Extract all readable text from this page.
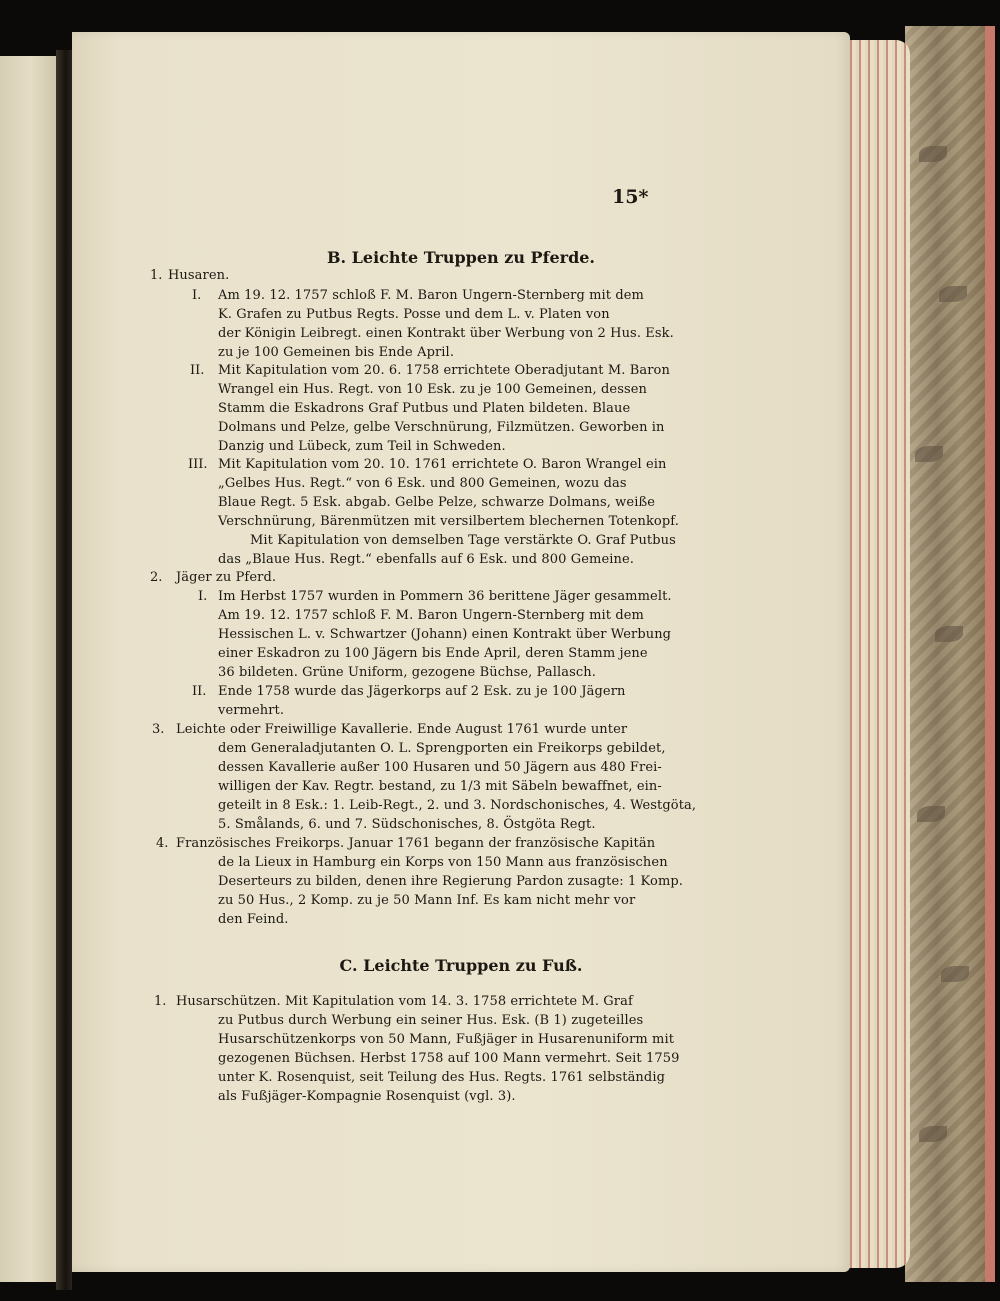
15*
B. Leichte Truppen zu Pferde.
1. Husaren.
I. Am 19. 12. 1757 schloß F. M. Baron Ungern-Sternberg mit dem
K. Grafen zu Putbus Regts. Posse und dem L. v. Platen von
der Königin Leibregt. einen Kontrakt über Werbung von 2 Hus. Esk.
zu je 100 Gemeinen bis Ende April.
II. Mit Kapitulation vom 20. 6. 1758 errichtete Oberadjutant M. Baron
Wrangel ein Hus. Regt. von 10 Esk. zu je 100 Gemeinen, dessen
Stamm die Eskadrons Graf Putbus und Platen bildeten. Blaue
Dolmans und Pelze, gelbe Verschnürung, Filzmützen. Geworben in
Danzig und Lübeck, zum Teil in Schweden.
III. Mit Kapitulation vom 20. 10. 1761 errichtete O. Baron Wrangel ein
„Gelbes Hus. Regt.“ von 6 Esk. und 800 Gemeinen, wozu das
Blaue Regt. 5 Esk. abgab. Gelbe Pelze, schwarze Dolmans, weiße
Verschnürung, Bärenmützen mit versilbertem blechernen Totenkopf.
Mit Kapitulation von demselben Tage verstärkte O. Graf Putbus
das „Blaue Hus. Regt.“ ebenfalls auf 6 Esk. und 800 Gemeine.
2. Jäger zu Pferd.
I. Im Herbst 1757 wurden in Pommern 36 berittene Jäger gesammelt.
Am 19. 12. 1757 schloß F. M. Baron Ungern-Sternberg mit dem
Hessischen L. v. Schwartzer (Johann) einen Kontrakt über Werbung
einer Eskadron zu 100 Jägern bis Ende April, deren Stamm jene
36 bildeten. Grüne Uniform, gezogene Büchse, Pallasch.
II. Ende 1758 wurde das Jägerkorps auf 2 Esk. zu je 100 Jägern
vermehrt.
3. Leichte oder Freiwillige Kavallerie. Ende August 1761 wurde unter
dem Generaladjutanten O. L. Sprengporten ein Freikorps gebildet,
dessen Kavallerie außer 100 Husaren und 50 Jägern aus 480 Frei-
willigen der Kav. Regtr. bestand, zu 1/3 mit Säbeln bewaffnet, ein-
geteilt in 8 Esk.: 1. Leib-Regt., 2. und 3. Nordschonisches, 4. Westgöta,
5. Smålands, 6. und 7. Südschonisches, 8. Östgöta Regt.
4. Französisches Freikorps. Januar 1761 begann der französische Kapitän
de la Lieux in Hamburg ein Korps von 150 Mann aus französischen
Deserteurs zu bilden, denen ihre Regierung Pardon zusagte: 1 Komp.
zu 50 Hus., 2 Komp. zu je 50 Mann Inf. Es kam nicht mehr vor
den Feind.
C. Leichte Truppen zu Fuß.
1. Husarschützen. Mit Kapitulation vom 14. 3. 1758 errichtete M. Graf
zu Putbus durch Werbung ein seiner Hus. Esk. (B 1) zugeteilles
Husarschützenkorps von 50 Mann, Fußjäger in Husarenuniform mit
gezogenen Büchsen. Herbst 1758 auf 100 Mann vermehrt. Seit 1759
unter K. Rosenquist, seit Teilung des Hus. Regts. 1761 selbständig
als Fußjäger-Kompagnie Rosenquist (vgl. 3).
